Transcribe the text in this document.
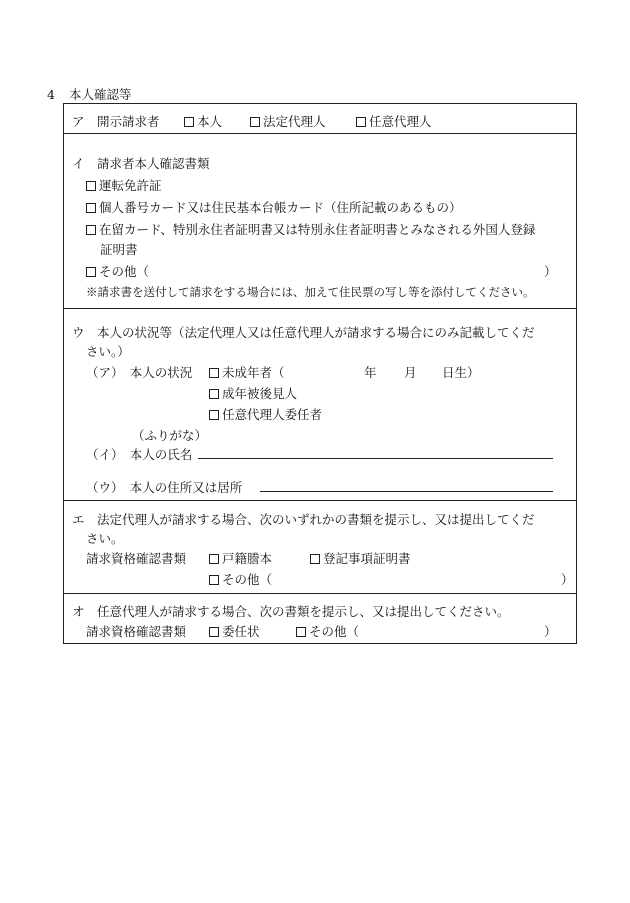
4 本人確認等
ア　開示請求者	本人	法定代理人	任意代理人
イ　請求者本人確認書類
運転免許証
個人番号カード又は住民基本台帳カード（住所記載のあるもの）
在留カード、特別永住者証明書又は特別永住者証明書とみなされる外国人登録
証明書
その他（	）
※請求書を送付して請求をする場合には、加えて住民票の写し等を添付してください。
ウ　本人の状況等（法定代理人又は任意代理人が請求する場合にのみ記載してくだ
さい。）
（ア）　本人の状況	未成年者（	年 月 日生）
成年被後見人
任意代理人委任者
（ふりがな）
（イ）　本人の氏名
（ウ）　本人の住所又は居所
エ　法定代理人が請求する場合、次のいずれかの書類を提示し、又は提出してくだ
さい。
請求資格確認書類	戸籍謄本	登記事項証明書
その他（	）
オ　任意代理人が請求する場合、次の書類を提示し、又は提出してください。
請求資格確認書類	委任状	その他（	）
